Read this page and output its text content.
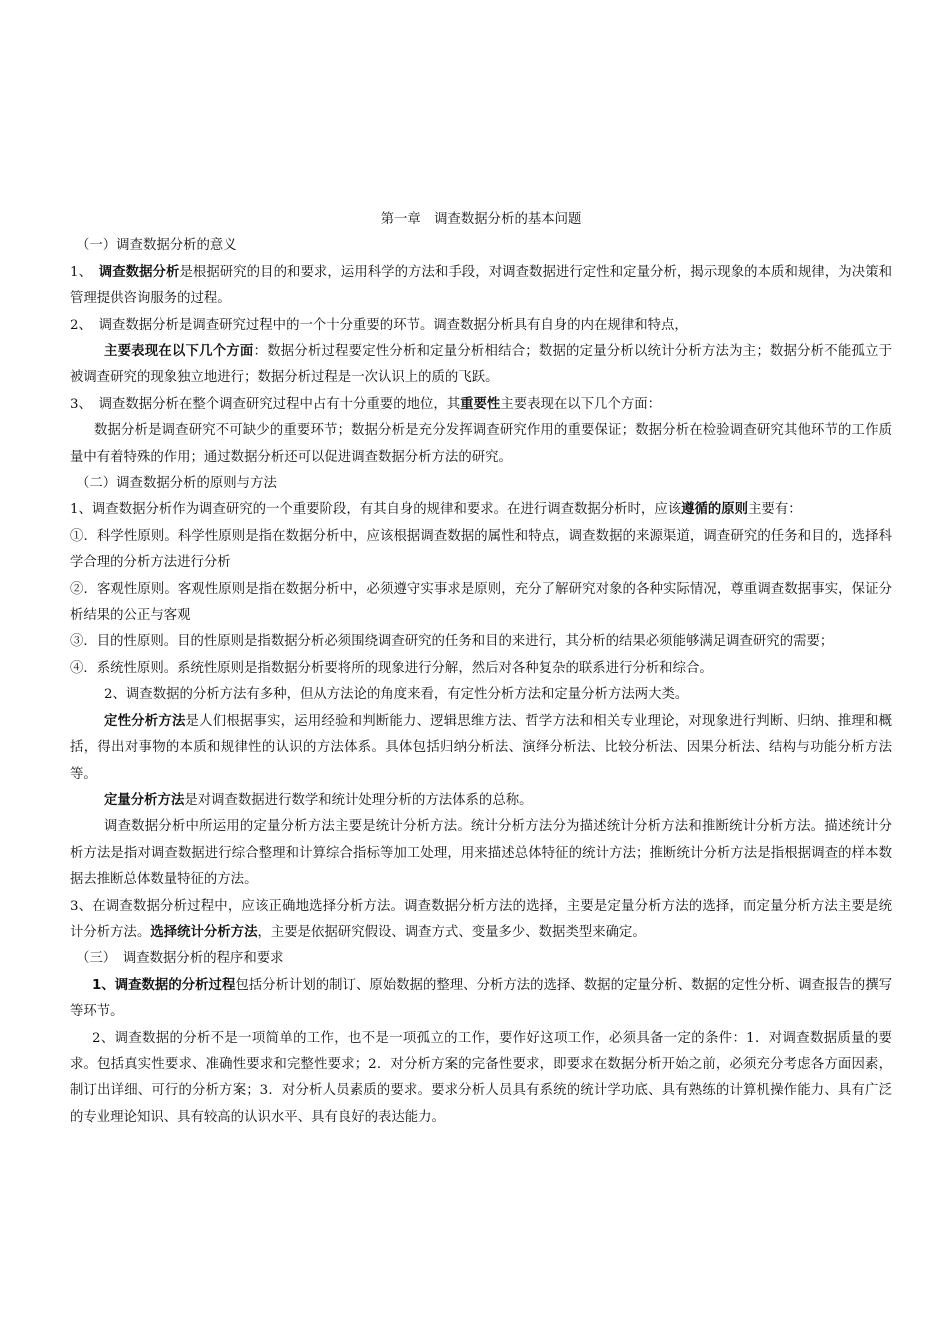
第一章　调查数据分析的基本问题

（一）调查数据分析的意义

1、　调查数据分析是根据研究的目的和要求，运用科学的方法和手段，对调查数据进行定性和定量分析，揭示现象的本质和规律，为决策和管理提供咨询服务的过程。

2、　调查数据分析是调查研究过程中的一个十分重要的环节。调查数据分析具有自身的内在规律和特点，

主要表现在以下几个方面：数据分析过程要定性分析和定量分析相结合；数据的定量分析以统计分析方法为主；数据分析不能孤立于被调查研究的现象独立地进行；数据分析过程是一次认识上的质的飞跃。

3、　调查数据分析在整个调查研究过程中占有十分重要的地位，其重要性主要表现在以下几个方面：

数据分析是调查研究不可缺少的重要环节；数据分析是充分发挥调查研究作用的重要保证；数据分析在检验调查研究其他环节的工作质量中有着特殊的作用；通过数据分析还可以促进调查数据分析方法的研究。

（二）调查数据分析的原则与方法

1、调查数据分析作为调查研究的一个重要阶段，有其自身的规律和要求。在进行调查数据分析时，应该遵循的原则主要有：

①．科学性原则。科学性原则是指在数据分析中，应该根据调查数据的属性和特点，调查数据的来源渠道，调查研究的任务和目的，选择科学合理的分析方法进行分析

②．客观性原则。客观性原则是指在数据分析中，必须遵守实事求是原则，充分了解研究对象的各种实际情况，尊重调查数据事实，保证分析结果的公正与客观

③．目的性原则。目的性原则是指数据分析必须围绕调查研究的任务和目的来进行，其分析的结果必须能够满足调查研究的需要；

④．系统性原则。系统性原则是指数据分析要将所的现象进行分解，然后对各种复杂的联系进行分析和综合。

2、调查数据的分析方法有多种，但从方法论的角度来看，有定性分析方法和定量分析方法两大类。

定性分析方法是人们根据事实，运用经验和判断能力、逻辑思维方法、哲学方法和相关专业理论，对现象进行判断、归纳、推理和概括，得出对事物的本质和规律性的认识的方法体系。具体包括归纳分析法、演绎分析法、比较分析法、因果分析法、结构与功能分析方法等。

定量分析方法是对调查数据进行数学和统计处理分析的方法体系的总称。

调查数据分析中所运用的定量分析方法主要是统计分析方法。统计分析方法分为描述统计分析方法和推断统计分析方法。描述统计分析方法是指对调查数据进行综合整理和计算综合指标等加工处理，用来描述总体特征的统计方法；推断统计分析方法是指根据调查的样本数据去推断总体数量特征的方法。

3、在调查数据分析过程中，应该正确地选择分析方法。调查数据分析方法的选择，主要是定量分析方法的选择，而定量分析方法主要是统计分析方法。选择统计分析方法，主要是依据研究假设、调查方式、变量多少、数据类型来确定。

（三）　调查数据分析的程序和要求

1、调查数据的分析过程包括分析计划的制订、原始数据的整理、分析方法的选择、数据的定量分析、数据的定性分析、调查报告的撰写等环节。

2、调查数据的分析不是一项简单的工作，也不是一项孤立的工作，要作好这项工作，必须具备一定的条件：1．对调查数据质量的要求。包括真实性要求、准确性要求和完整性要求；2．对分析方案的完备性要求，即要求在数据分析开始之前，必须充分考虑各方面因素，制订出详细、可行的分析方案；3．对分析人员素质的要求。要求分析人员具有系统的统计学功底、具有熟练的计算机操作能力、具有广泛的专业理论知识、具有较高的认识水平、具有良好的表达能力。
